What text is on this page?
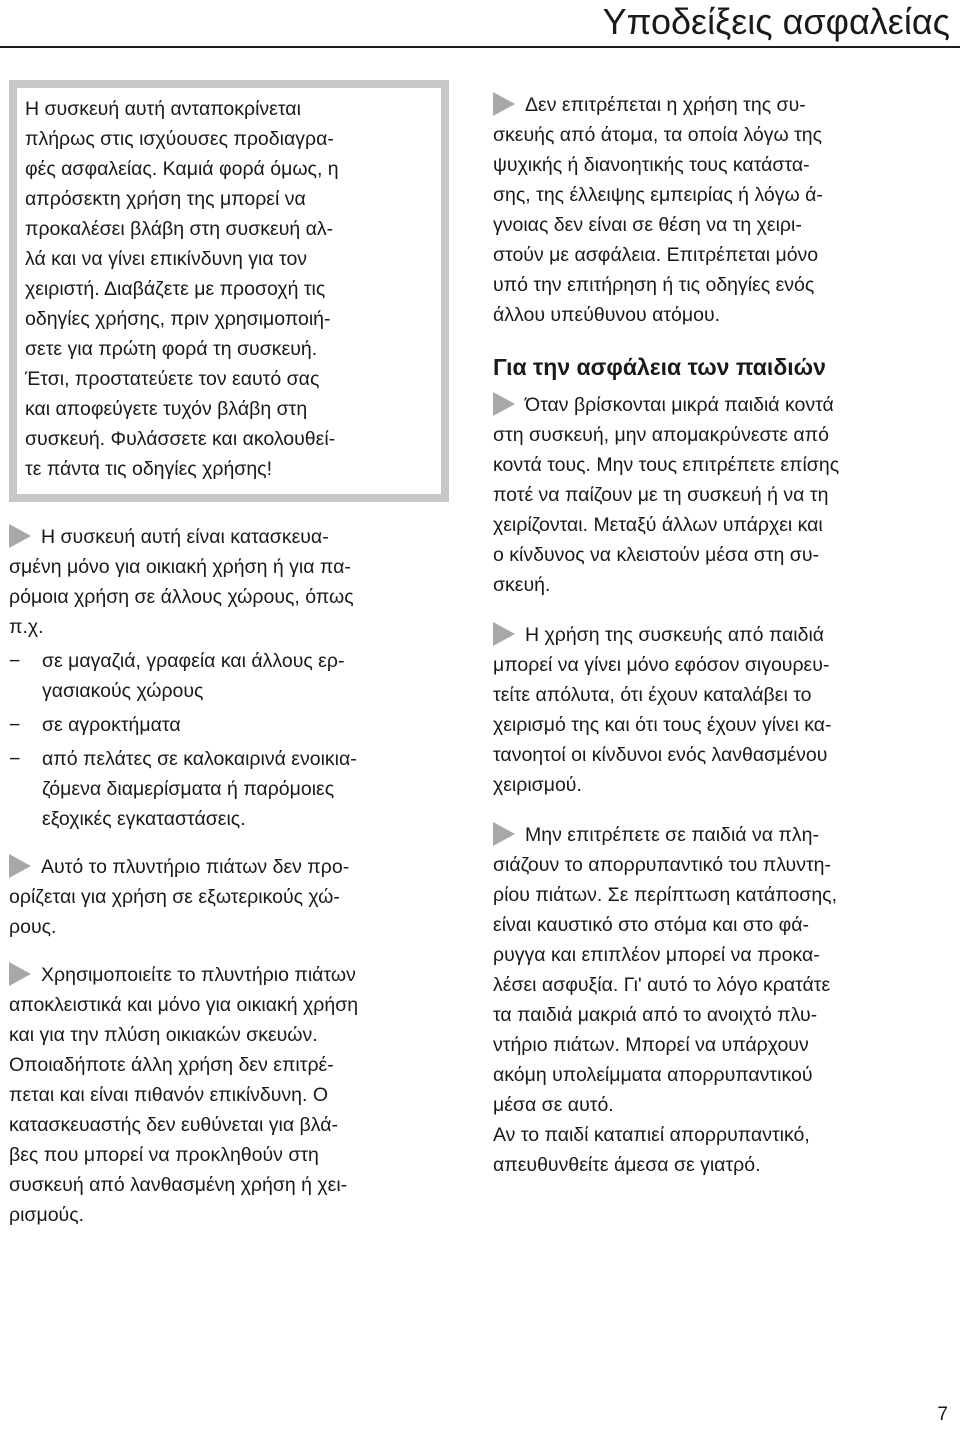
Υποδείξεις ασφαλείας

Η συσκευή αυτή ανταποκρίνεται
πλήρως στις ισχύουσες προδιαγρα-
φές ασφαλείας. Καμιά φορά όμως, η
απρόσεκτη χρήση της μπορεί να
προκαλέσει βλάβη στη συσκευή αλ-
λά και να γίνει επικίνδυνη για τον
χειριστή. Διαβάζετε με προσοχή τις
οδηγίες χρήσης, πριν χρησιμοποιή-
σετε για πρώτη φορά τη συσκευή.
Έτσι, προστατεύετε τον εαυτό σας
και αποφεύγετε τυχόν βλάβη στη
συσκευή. Φυλάσσετε και ακολουθεί-
τε πάντα τις οδηγίες χρήσης!

Η συσκευή αυτή είναι κατασκευα-
σμένη μόνο για οικιακή χρήση ή για πα-
ρόμοια χρήση σε άλλους χώρους, όπως
π.χ.
−	σε μαγαζιά, γραφεία και άλλους ερ-
γασιακούς χώρους
−	σε αγροκτήματα
−	από πελάτες σε καλοκαιρινά ενοικια-
ζόμενα διαμερίσματα ή παρόμοιες
εξοχικές εγκαταστάσεις.
Αυτό το πλυντήριο πιάτων δεν προ-
ορίζεται για χρήση σε εξωτερικούς χώ-
ρους.
Χρησιμοποιείτε το πλυντήριο πιάτων
αποκλειστικά και μόνο για οικιακή χρήση
και για την πλύση οικιακών σκευών.
Οποιαδήποτε άλλη χρήση δεν επιτρέ-
πεται και είναι πιθανόν επικίνδυνη. Ο
κατασκευαστής δεν ευθύνεται για βλά-
βες που μπορεί να προκληθούν στη
συσκευή από λανθασμένη χρήση ή χει-
ρισμούς.
Δεν επιτρέπεται η χρήση της συ-
σκευής από άτομα, τα οποία λόγω της
ψυχικής ή διανοητικής τους κατάστα-
σης, της έλλειψης εμπειρίας ή λόγω ά-
γνοιας δεν είναι σε θέση να τη χειρι-
στούν με ασφάλεια. Επιτρέπεται μόνο
υπό την επιτήρηση ή τις οδηγίες ενός
άλλου υπεύθυνου ατόμου.
Για την ασφάλεια των παιδιών
Όταν βρίσκονται μικρά παιδιά κοντά
στη συσκευή, μην απομακρύνεστε από
κοντά τους. Μην τους επιτρέπετε επίσης
ποτέ να παίζουν με τη συσκευή ή να τη
χειρίζονται. Μεταξύ άλλων υπάρχει και
ο κίνδυνος να κλειστούν μέσα στη συ-
σκευή.
Η χρήση της συσκευής από παιδιά
μπορεί να γίνει μόνο εφόσον σιγουρευ-
τείτε απόλυτα, ότι έχουν καταλάβει το
χειρισμό της και ότι τους έχουν γίνει κα-
τανοητοί οι κίνδυνοι ενός λανθασμένου
χειρισμού.
Μην επιτρέπετε σε παιδιά να πλη-
σιάζουν το απορρυπαντικό του πλυντη-
ρίου πιάτων. Σε περίπτωση κατάποσης,
είναι καυστικό στο στόμα και στο φά-
ρυγγα και επιπλέον μπορεί να προκα-
λέσει ασφυξία. Γι' αυτό το λόγο κρατάτε
τα παιδιά μακριά από το ανοιχτό πλυ-
ντήριο πιάτων. Μπορεί να υπάρχουν
ακόμη υπολείμματα απορρυπαντικού
μέσα σε αυτό.
Αν το παιδί καταπιεί απορρυπαντικό,
απευθυνθείτε άμεσα σε γιατρό.
7
